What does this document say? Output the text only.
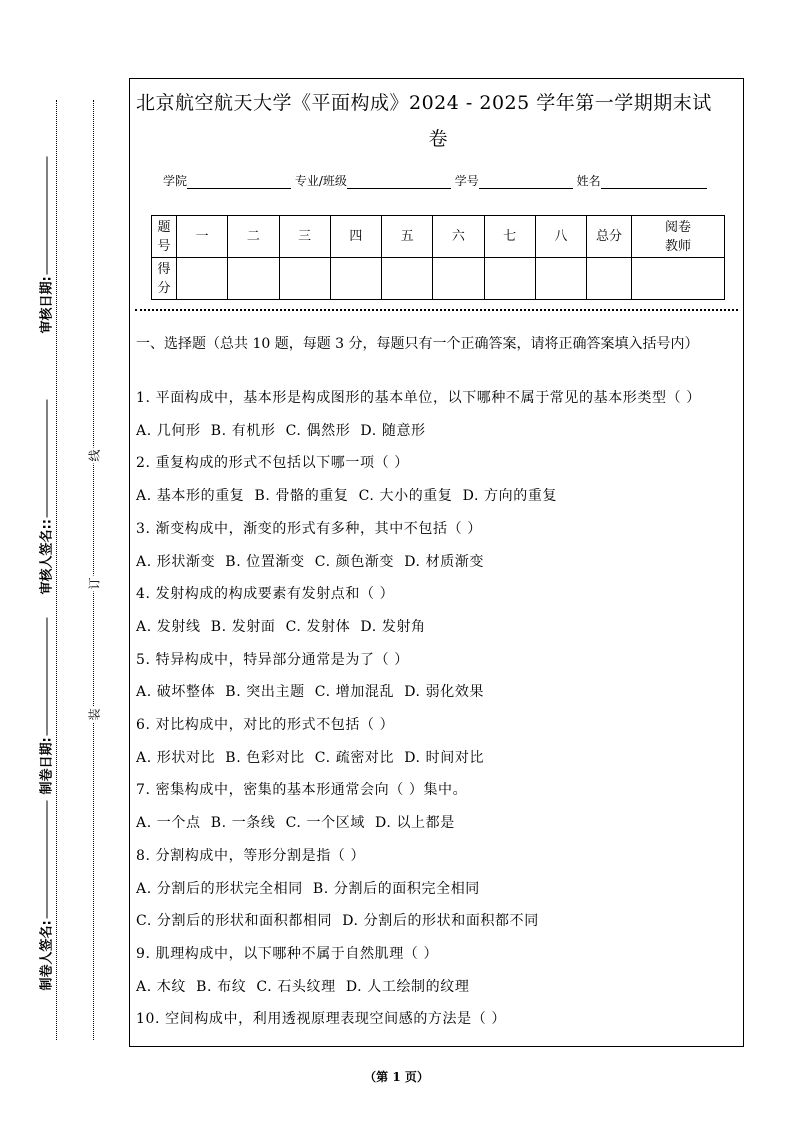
审核日期:
审核人签名::
制卷日期:
制卷人签名:
线
订
装
北京航空航天大学《平面构成》2024 - 2025 学年第一学期期末试
卷
学院	专业/班级	学号	姓名
题号	一	二	三	四	五	六	七	八	总分	阅卷教师
得分										
一、选择题（总共 10 题，每题 3 分，每题只有一个正确答案，请将正确答案填入括号内）
1. 平面构成中，基本形是构成图形的基本单位，以下哪种不属于常见的基本形类型（ ）
A. 几何形  B. 有机形  C. 偶然形  D. 随意形
2. 重复构成的形式不包括以下哪一项（ ）
A. 基本形的重复  B. 骨骼的重复  C. 大小的重复  D. 方向的重复
3. 渐变构成中，渐变的形式有多种，其中不包括（ ）
A. 形状渐变  B. 位置渐变  C. 颜色渐变  D. 材质渐变
4. 发射构成的构成要素有发射点和（ ）
A. 发射线  B. 发射面  C. 发射体  D. 发射角
5. 特异构成中，特异部分通常是为了（ ）
A. 破坏整体  B. 突出主题  C. 增加混乱  D. 弱化效果
6. 对比构成中，对比的形式不包括（ ）
A. 形状对比  B. 色彩对比  C. 疏密对比  D. 时间对比
7. 密集构成中，密集的基本形通常会向（ ）集中。
A. 一个点  B. 一条线  C. 一个区域  D. 以上都是
8. 分割构成中，等形分割是指（ ）
A. 分割后的形状完全相同  B. 分割后的面积完全相同
C. 分割后的形状和面积都相同  D. 分割后的形状和面积都不同
9. 肌理构成中，以下哪种不属于自然肌理（ ）
A. 木纹  B. 布纹  C. 石头纹理  D. 人工绘制的纹理
10. 空间构成中，利用透视原理表现空间感的方法是（ ）
（第 1 页）
